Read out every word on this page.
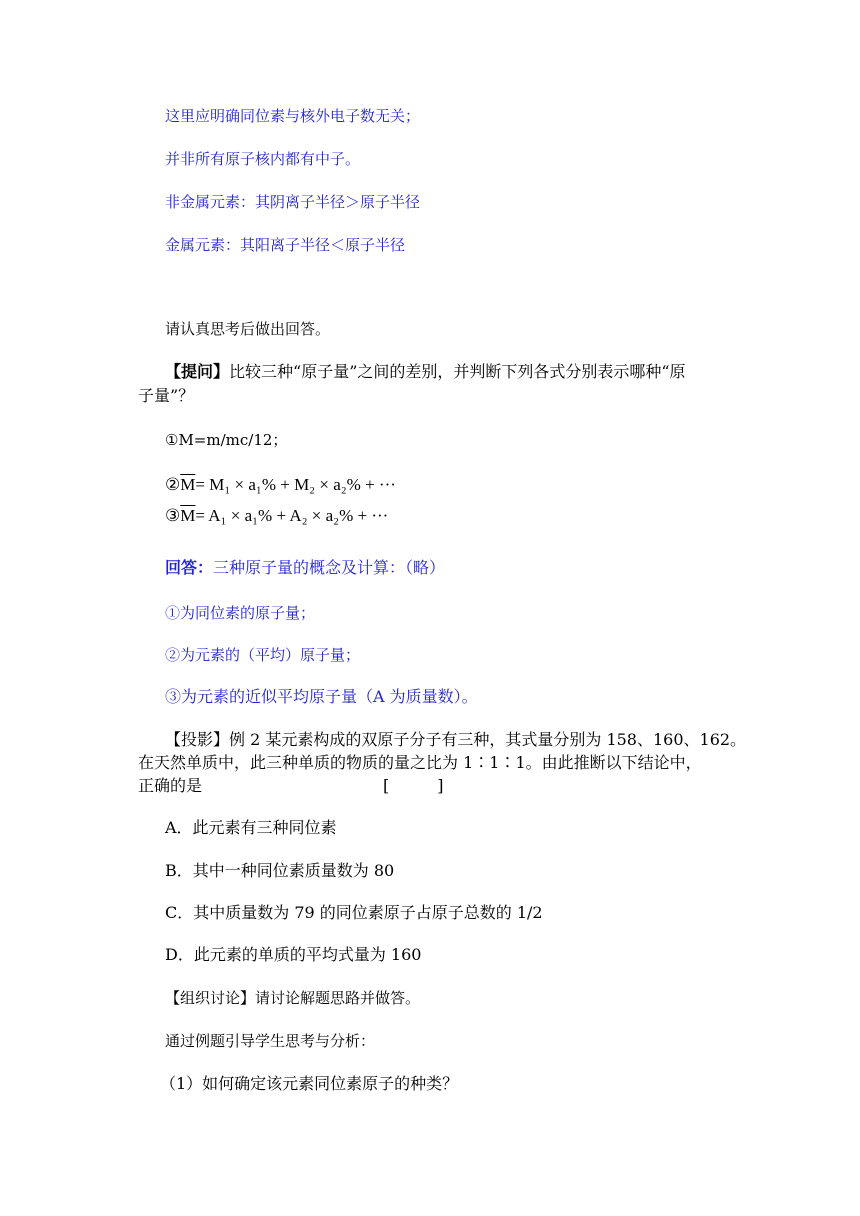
这里应明确同位素与核外电子数无关；
并非所有原子核内都有中子。
非金属元素：其阴离子半径＞原子半径
金属元素：其阳离子半径＜原子半径
请认真思考后做出回答。
【提问】比较三种“原子量”之间的差别，并判断下列各式分别表示哪种“原
子量”？
①M=m/mc/12；
$②\overline{M}= M_1 \times a_1\% + M_2 \times a_2\%$ + ···
$③\overline{M}= A_1 \times a_1\% + A_2 \times a_2\%$ + ···
回答：三种原子量的概念及计算：（略）
①为同位素的原子量；
②为元素的（平均）原子量；
③为元素的近似平均原子量（A 为质量数）。
【投影】例 2 某元素构成的双原子分子有三种，其式量分别为 158、160、162。
在天然单质中，此三种单质的物质的量之比为 1∶1∶1。由此推断以下结论中，
正确的是	[　　　]
A．此元素有三种同位素
B．其中一种同位素质量数为 80
C．其中质量数为 79 的同位素原子占原子总数的 1/2
D．此元素的单质的平均式量为 160
【组织讨论】请讨论解题思路并做答。
通过例题引导学生思考与分析：
（1）如何确定该元素同位素原子的种类？
